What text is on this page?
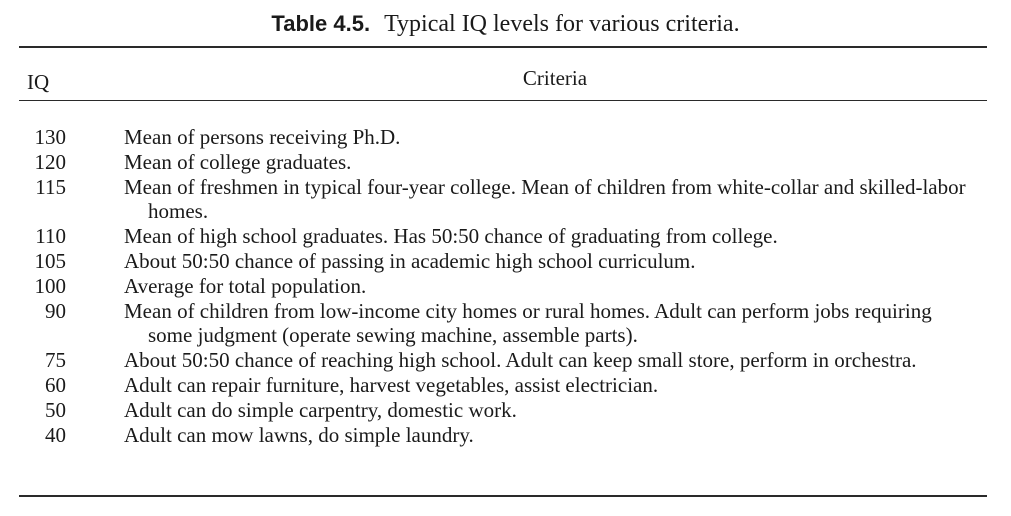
Table 4.5. Typical IQ levels for various criteria.
IQ	Criteria
130	Mean of persons receiving Ph.D.
120	Mean of college graduates.
115	Mean of freshmen in typical four-year college. Mean of children from white-collar and skilled-labor homes.
110	Mean of high school graduates. Has 50:50 chance of graduating from college.
105	About 50:50 chance of passing in academic high school curriculum.
100	Average for total population.
90	Mean of children from low-income city homes or rural homes. Adult can perform jobs requiring some judgment (operate sewing machine, assemble parts).
75	About 50:50 chance of reaching high school. Adult can keep small store, perform in orchestra.
60	Adult can repair furniture, harvest vegetables, assist electrician.
50	Adult can do simple carpentry, domestic work.
40	Adult can mow lawns, do simple laundry.
